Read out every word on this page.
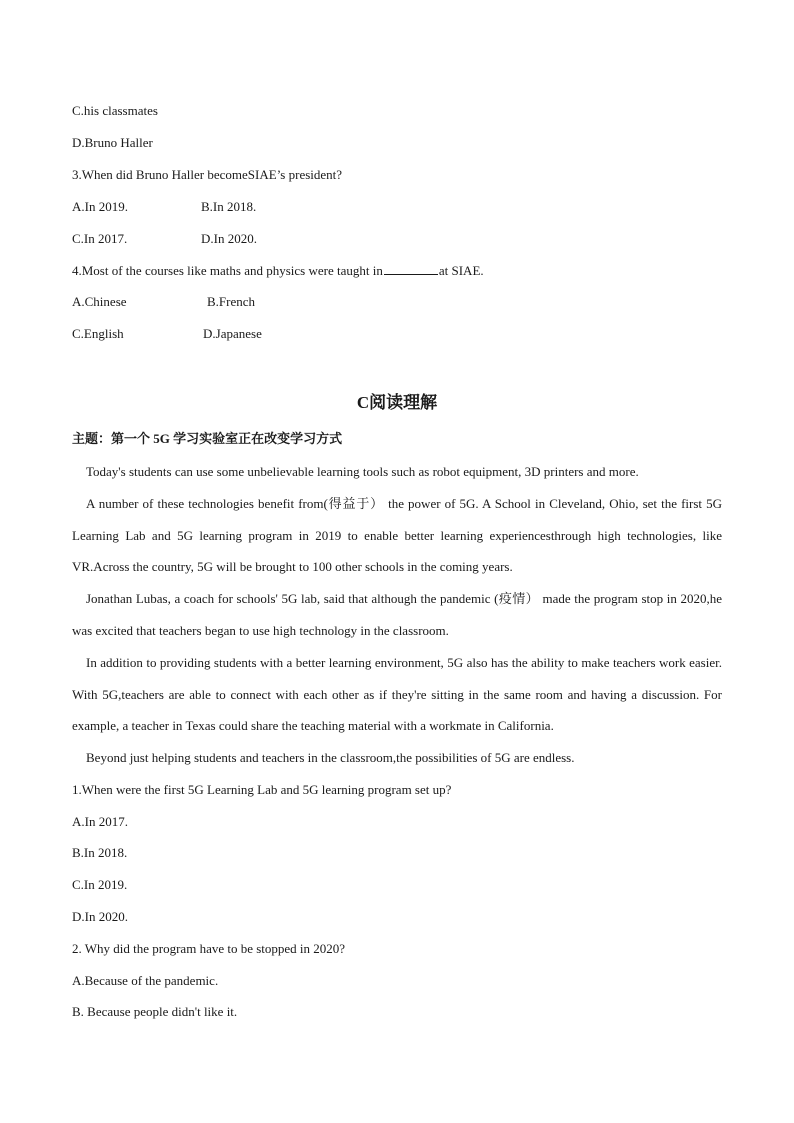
C.his classmates
D.Bruno Haller
3.When did Bruno Haller becomeSIAE’s president?
A.In 2019.	B.In 2018.
C.In 2017.	D.In 2020.
4.Most of the courses like maths and physics were taught in	at SIAE.
A.Chinese	B.French
C.English	D.Japanese
C阅读理解
主题：第一个 5G 学习实验室正在改变学习方式
Today's students can use some unbelievable learning tools such as robot equipment, 3D printers and more.
A number of these technologies benefit from(得益于） the power of 5G. A School in Cleveland, Ohio, set the first 5G Learning Lab and 5G learning program in 2019 to enable better learning experiencesthrough high technologies, like VR.Across the country, 5G will be brought to 100 other schools in the coming years.
Jonathan Lubas, a coach for schools' 5G lab, said that although the pandemic (疫情） made the program stop in 2020,he was excited that teachers began to use high technology in the classroom.
In addition to providing students with a better learning environment, 5G also has the ability to make teachers work easier. With 5G,teachers are able to connect with each other as if they're sitting in the same room and having a discussion. For example, a teacher in Texas could share the teaching material with a workmate in California.
Beyond just helping students and teachers in the classroom,the possibilities of 5G are endless.
1.When were the first 5G Learning Lab and 5G learning program set up?
A.In 2017.
B.In 2018.
C.In 2019.
D.In 2020.
2. Why did the program have to be stopped in 2020?
A.Because of the pandemic.
B. Because people didn't like it.
